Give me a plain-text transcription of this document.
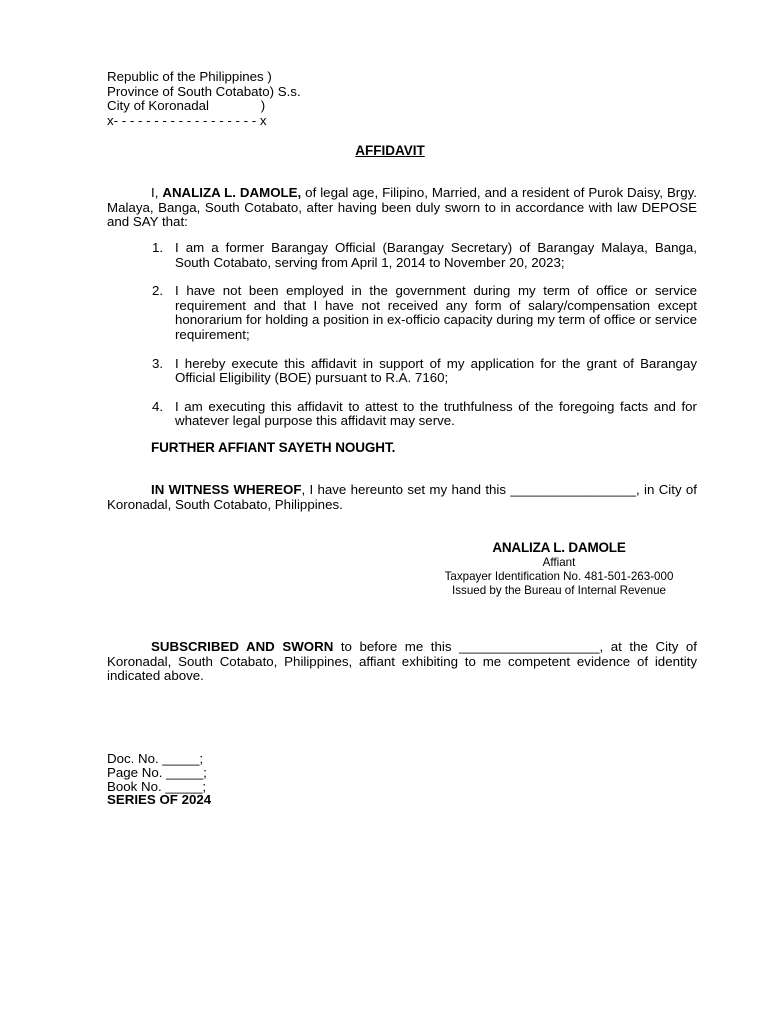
Republic of the Philippines )
Province of South Cotabato) S.s.
City of Koronadal              )
x- - - - - - - - - - - - - - - - - - x
AFFIDAVIT
I, ANALIZA L. DAMOLE, of legal age, Filipino, Married, and a resident of Purok Daisy, Brgy. Malaya, Banga, South Cotabato, after having been duly sworn to in accordance with law DEPOSE and SAY that:
1. I am a former Barangay Official (Barangay Secretary) of Barangay Malaya, Banga, South Cotabato, serving from April 1, 2014 to November 20, 2023;
2. I have not been employed in the government during my term of office or service requirement and that I have not received any form of salary/compensation except honorarium for holding a position in ex-officio capacity during my term of office or service requirement;
3. I hereby execute this affidavit in support of my application for the grant of Barangay Official Eligibility (BOE) pursuant to R.A. 7160;
4. I am executing this affidavit to attest to the truthfulness of the foregoing facts and for whatever legal purpose this affidavit may serve.
FURTHER AFFIANT SAYETH NOUGHT.
IN WITNESS WHEREOF, I have hereunto set my hand this _________________, in City of Koronadal, South Cotabato, Philippines.
ANALIZA L. DAMOLE
Affiant
Taxpayer Identification No. 481-501-263-000
Issued by the Bureau of Internal Revenue
SUBSCRIBED AND SWORN to before me this ___________________, at the City of Koronadal, South Cotabato, Philippines, affiant exhibiting to me competent evidence of identity indicated above.
Doc. No. _____;
Page No. _____;
Book No. _____;
SERIES OF 2024
